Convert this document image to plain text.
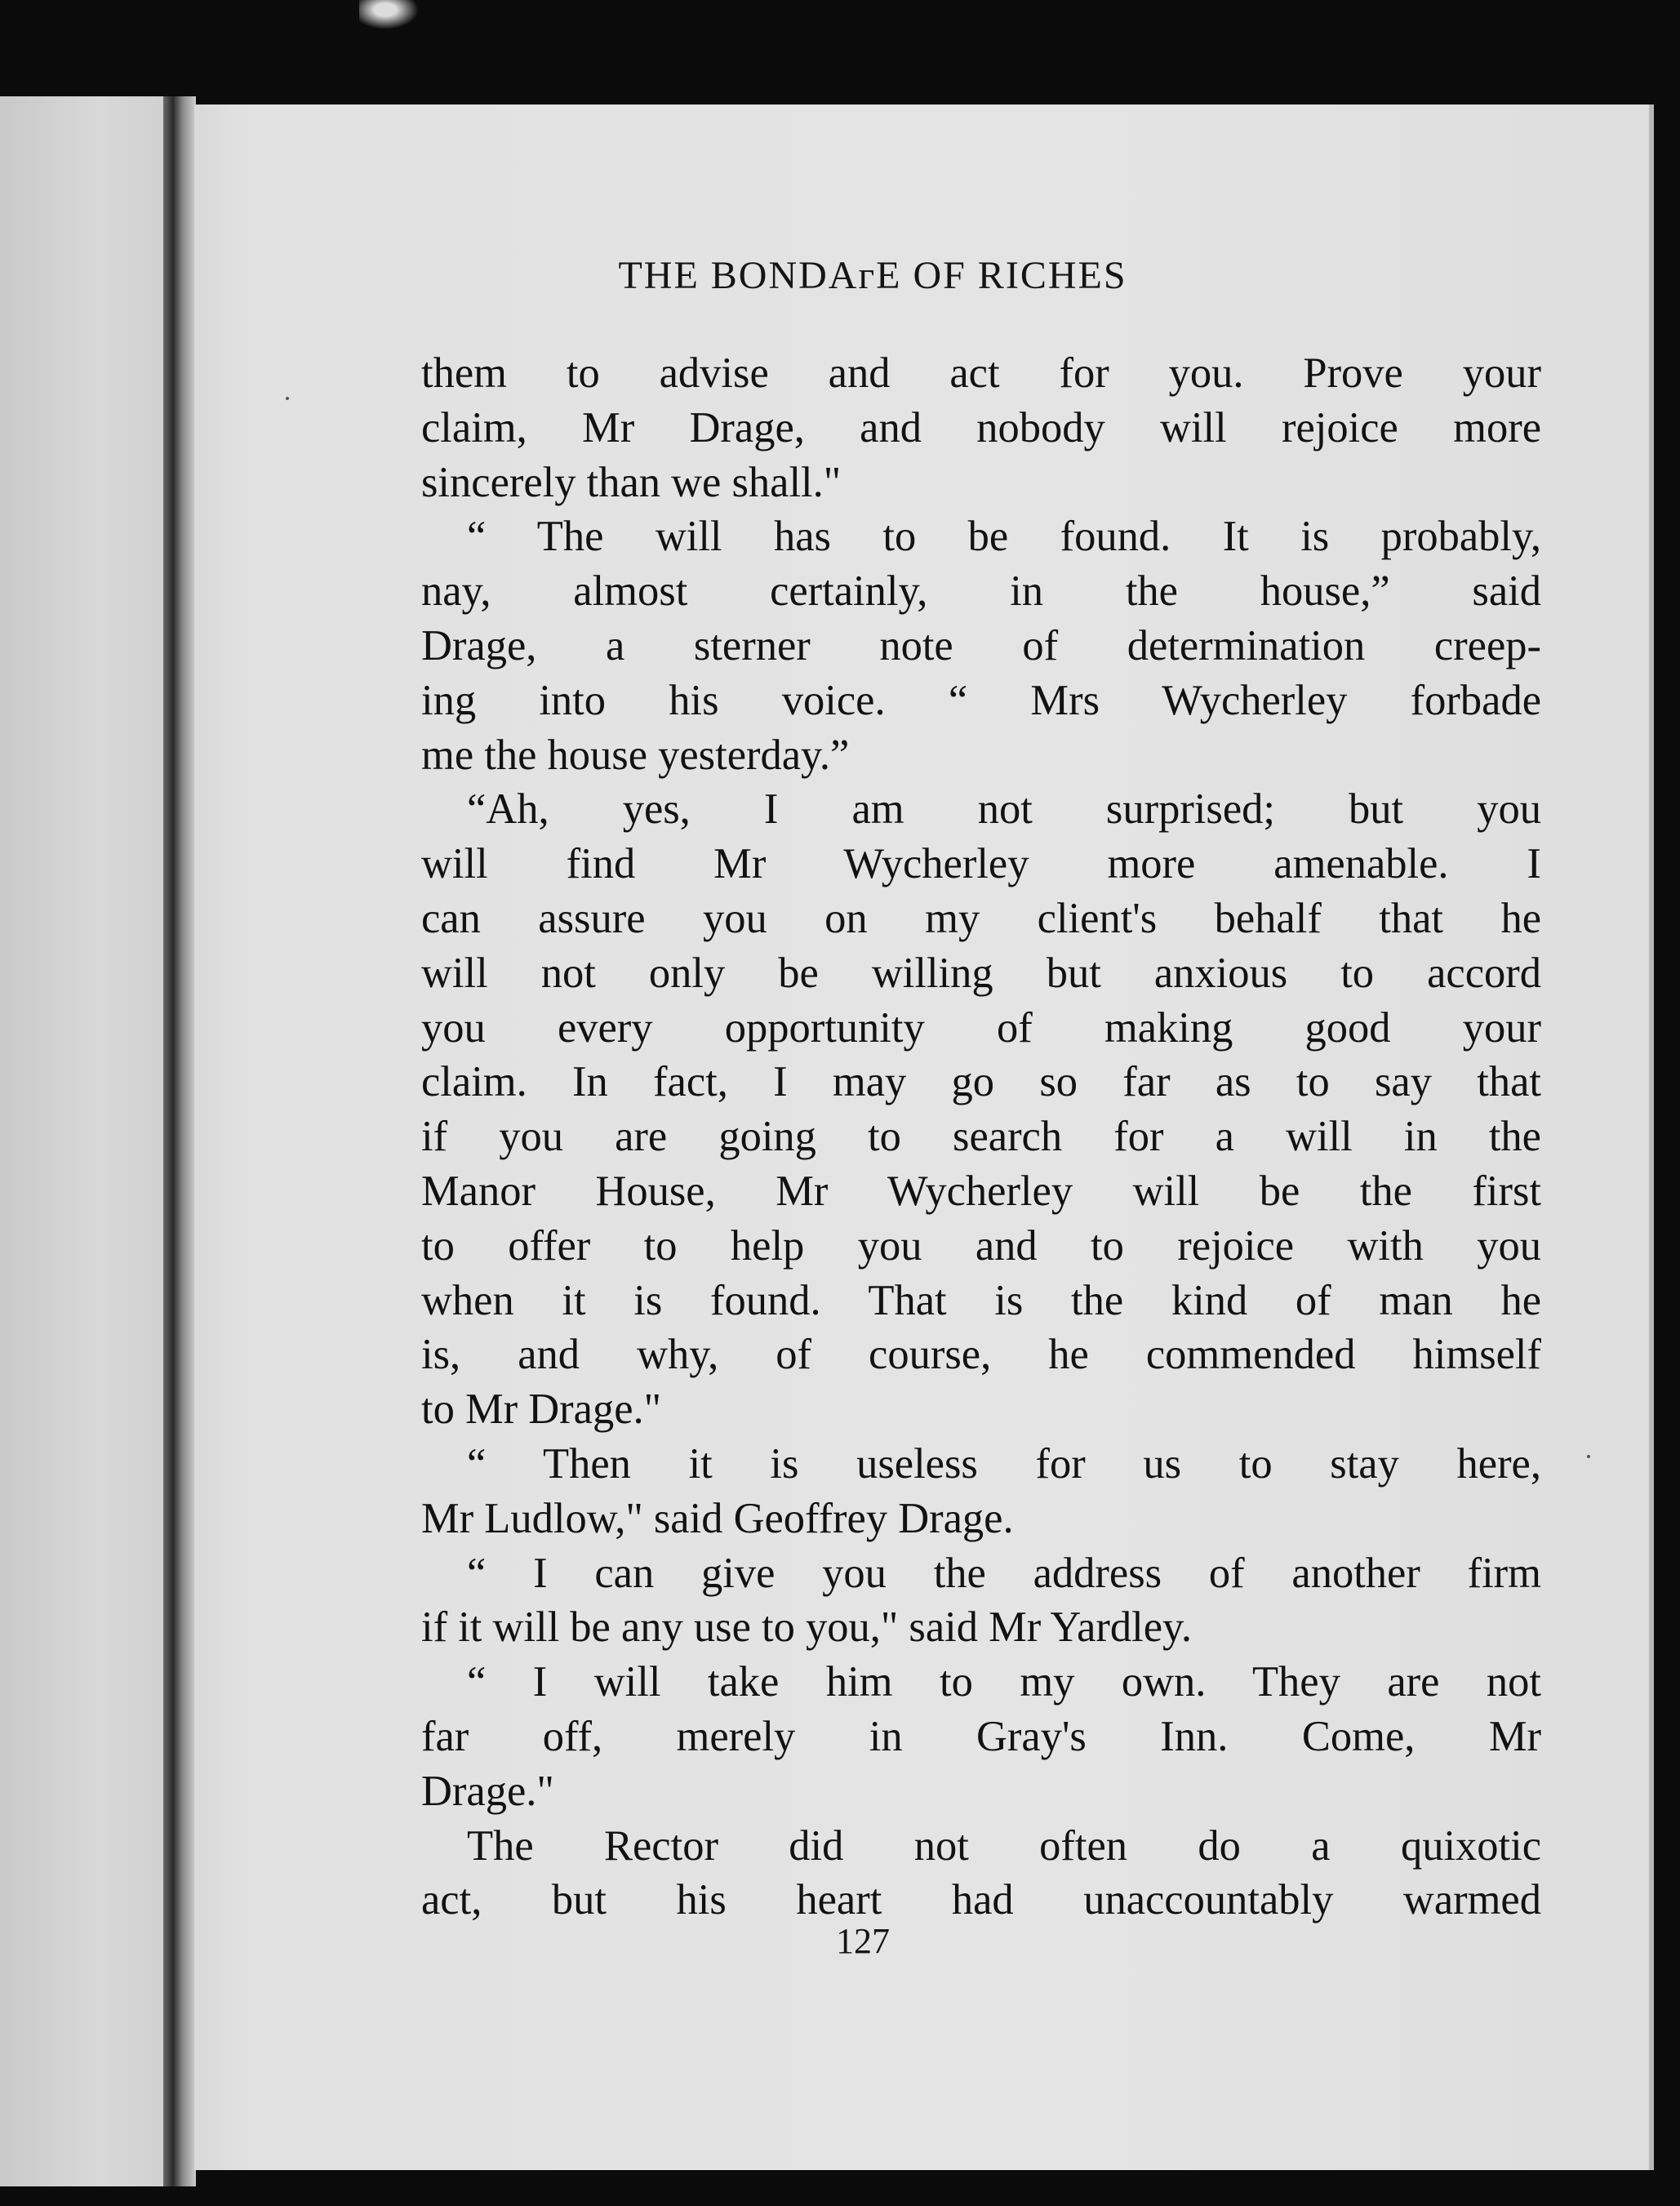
THE BONDAᴦE OF RICHES
them to advise and act for you. Prove your
claim, Mr Drage, and nobody will rejoice more
sincerely than we shall."
“ The will has to be found. It is probably,
nay, almost certainly, in the house,” said
Drage, a sterner note of determination creep-
ing into his voice. “ Mrs Wycherley forbade
me the house yesterday.”
“Ah, yes, I am not surprised; but you
will find Mr Wycherley more amenable. I
can assure you on my client's behalf that he
will not only be willing but anxious to accord
you every opportunity of making good your
claim. In fact, I may go so far as to say that
if you are going to search for a will in the
Manor House, Mr Wycherley will be the first
to offer to help you and to rejoice with you
when it is found. That is the kind of man he
is, and why, of course, he commended himself
to Mr Drage."
“ Then it is useless for us to stay here,
Mr Ludlow," said Geoffrey Drage.
“ I can give you the address of another firm
if it will be any use to you," said Mr Yardley.
“ I will take him to my own. They are not
far off, merely in Gray's Inn. Come, Mr
Drage."
The Rector did not often do a quixotic
act, but his heart had unaccountably warmed
127
